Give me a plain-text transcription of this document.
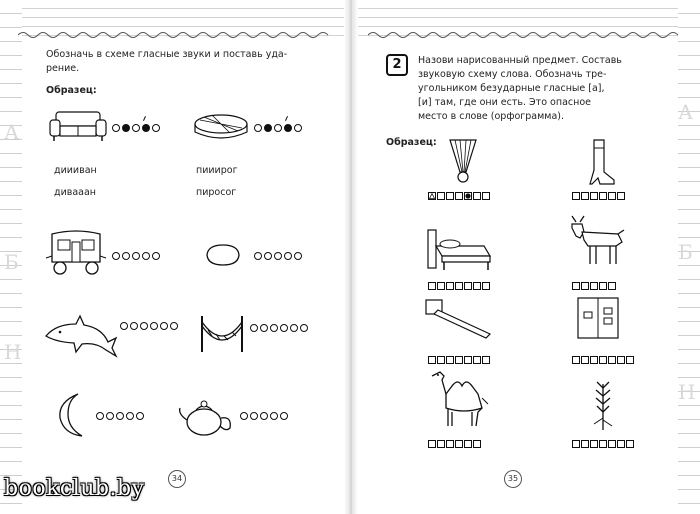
А
Б
Н
А
Б
Н
Обозначь в схеме гласные звуки и поставь уда-
рение.
Образец:
диииван
дивааан
пиииpог
пиросог
34
2	Назови нарисованный предмет. Составь
звуковую схему слова. Обозначь тре-
угольником безударные гласные [а],
[и] там, где они есть. Это опасное
место в слове (орфограмма).
Образец:
35
bookclub.by
